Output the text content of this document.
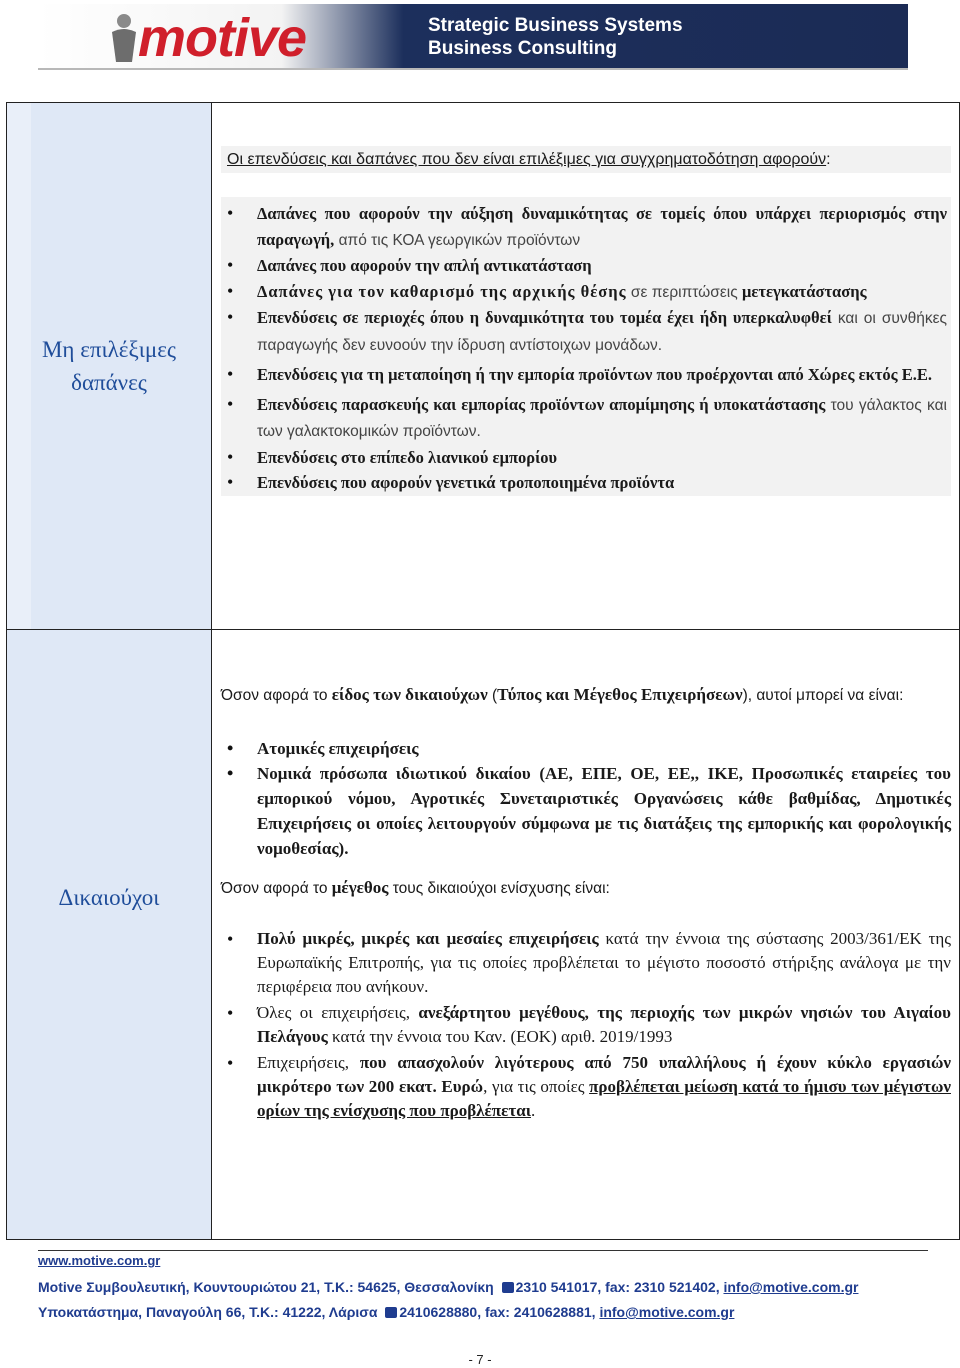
motive	Strategic Business Systems
Business Consulting
Μη επιλέξιμες
δαπάνες
Οι επενδύσεις και δαπάνες που δεν είναι επιλέξιμες για συγχρηματοδότηση αφορούν:
• Δαπάνες που αφορούν την αύξηση δυναμικότητας σε τομείς όπου υπάρχει περιορισμός στην παραγωγή, από τις ΚΟΑ γεωργικών προϊόντων
• Δαπάνες που αφορούν την απλή αντικατάσταση
• Δαπάνες για τον καθαρισμό της αρχικής θέσης σε περιπτώσεις μετεγκατάστασης
• Επενδύσεις σε περιοχές όπου η δυναμικότητα του τομέα έχει ήδη υπερκαλυφθεί και οι συνθήκες παραγωγής δεν ευνοούν την ίδρυση αντίστοιχων μονάδων.
• Επενδύσεις για τη μεταποίηση ή την εμπορία προϊόντων που προέρχονται από Χώρες εκτός Ε.Ε.
• Επενδύσεις παρασκευής και εμπορίας προϊόντων απομίμησης ή υποκατάστασης του γάλακτος και των γαλακτοκομικών προϊόντων.
• Επενδύσεις στο επίπεδο λιανικού εμπορίου
• Επενδύσεις που αφορούν γενετικά τροποποιημένα προϊόντα
Δικαιούχοι

Όσον αφορά το είδος των δικαιούχων (Τύπος και Μέγεθος Επιχειρήσεων), αυτοί μπορεί να είναι:

• Ατομικές επιχειρήσεις
• Νομικά πρόσωπα ιδιωτικού δικαίου (ΑΕ, ΕΠΕ, ΟΕ, ΕΕ,, ΙΚΕ, Προσωπικές εταιρείες του εμπορικού νόμου, Αγροτικές Συνεταιριστικές Οργανώσεις κάθε βαθμίδας, Δημοτικές Επιχειρήσεις οι οποίες λειτουργούν σύμφωνα με τις διατάξεις της εμπορικής και φορολογικής νομοθεσίας).

Όσον αφορά το μέγεθος τους δικαιούχοι ενίσχυσης είναι:

• Πολύ μικρές, μικρές και μεσαίες επιχειρήσεις κατά την έννοια της σύστασης 2003/361/ΕΚ της Ευρωπαϊκής Επιτροπής, για τις οποίες προβλέπεται το μέγιστο ποσοστό στήριξης ανάλογα με την περιφέρεια που ανήκουν.
• Όλες οι επιχειρήσεις, ανεξάρτητου μεγέθους, της περιοχής των μικρών νησιών του Αιγαίου Πελάγους κατά την έννοια του Καν. (ΕΟΚ) αριθ. 2019/1993
• Επιχειρήσεις, που απασχολούν λιγότερους από 750 υπαλλήλους ή έχουν κύκλο εργασιών μικρότερο των 200 εκατ. Ευρώ, για τις οποίες προβλέπεται μείωση κατά το ήμισυ των μέγιστων ορίων της ενίσχυσης που προβλέπεται.
www.motive.com.gr
Motive Συμβουλευτική, Κουντουριώτου 21, Τ.Κ.: 54625, Θεσσαλονίκη 2310 541017, fax: 2310 521402, info@motive.com.gr
Υποκατάστημα, Παναγούλη 66, Τ.Κ.: 41222, Λάρισα 2410628880, fax: 2410628881, info@motive.com.gr
- 7 -
